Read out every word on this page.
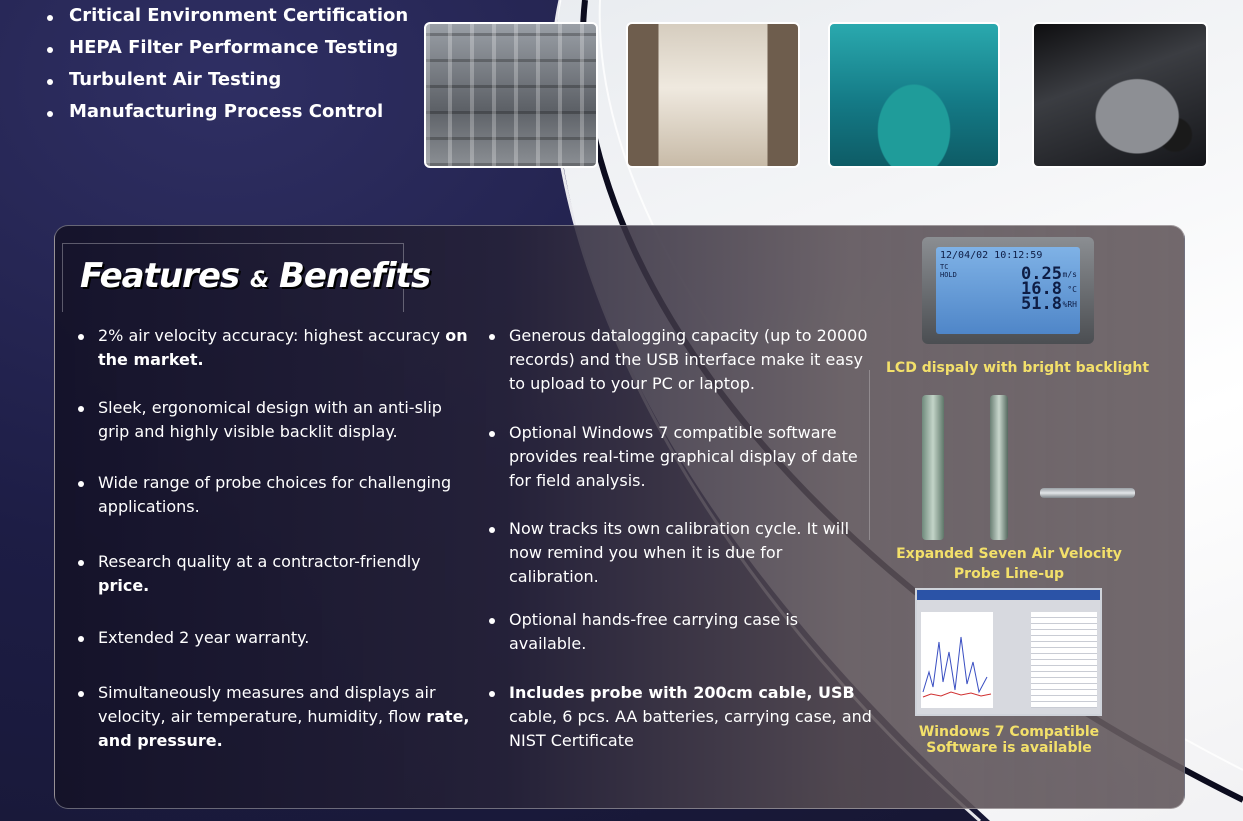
Critical Environment Certification
HEPA Filter Performance Testing
Turbulent Air Testing
Manufacturing Process Control
Features & Benefits
2% air velocity accuracy: highest accuracy on the market.
Sleek, ergonomical design with an anti-slip grip and highly visible backlit display.
Wide range of probe choices for challenging applications.
Research quality at a contractor-friendly price.
Extended 2 year warranty.
Simultaneously measures and displays air velocity, air temperature, humidity, flow rate, and pressure.
Generous datalogging capacity (up to 20000 records) and the USB interface make it easy to upload to your PC or laptop.
Optional Windows 7 compatible software provides real-time graphical display of date for field analysis.
Now tracks its own calibration cycle. It will now remind you when it is due for calibration.
Optional hands-free carrying case is available.
Includes probe with 200cm cable, USB cable, 6 pcs. AA batteries, carrying case, and NIST Certificate
12/04/02 10:12:59
TC HOLD	0.25
16.8
51.8
m/s
°C
%RH
LCD dispaly with bright backlight
Expanded Seven Air Velocity
Probe Line-up
Windows 7 Compatible
Software is available
